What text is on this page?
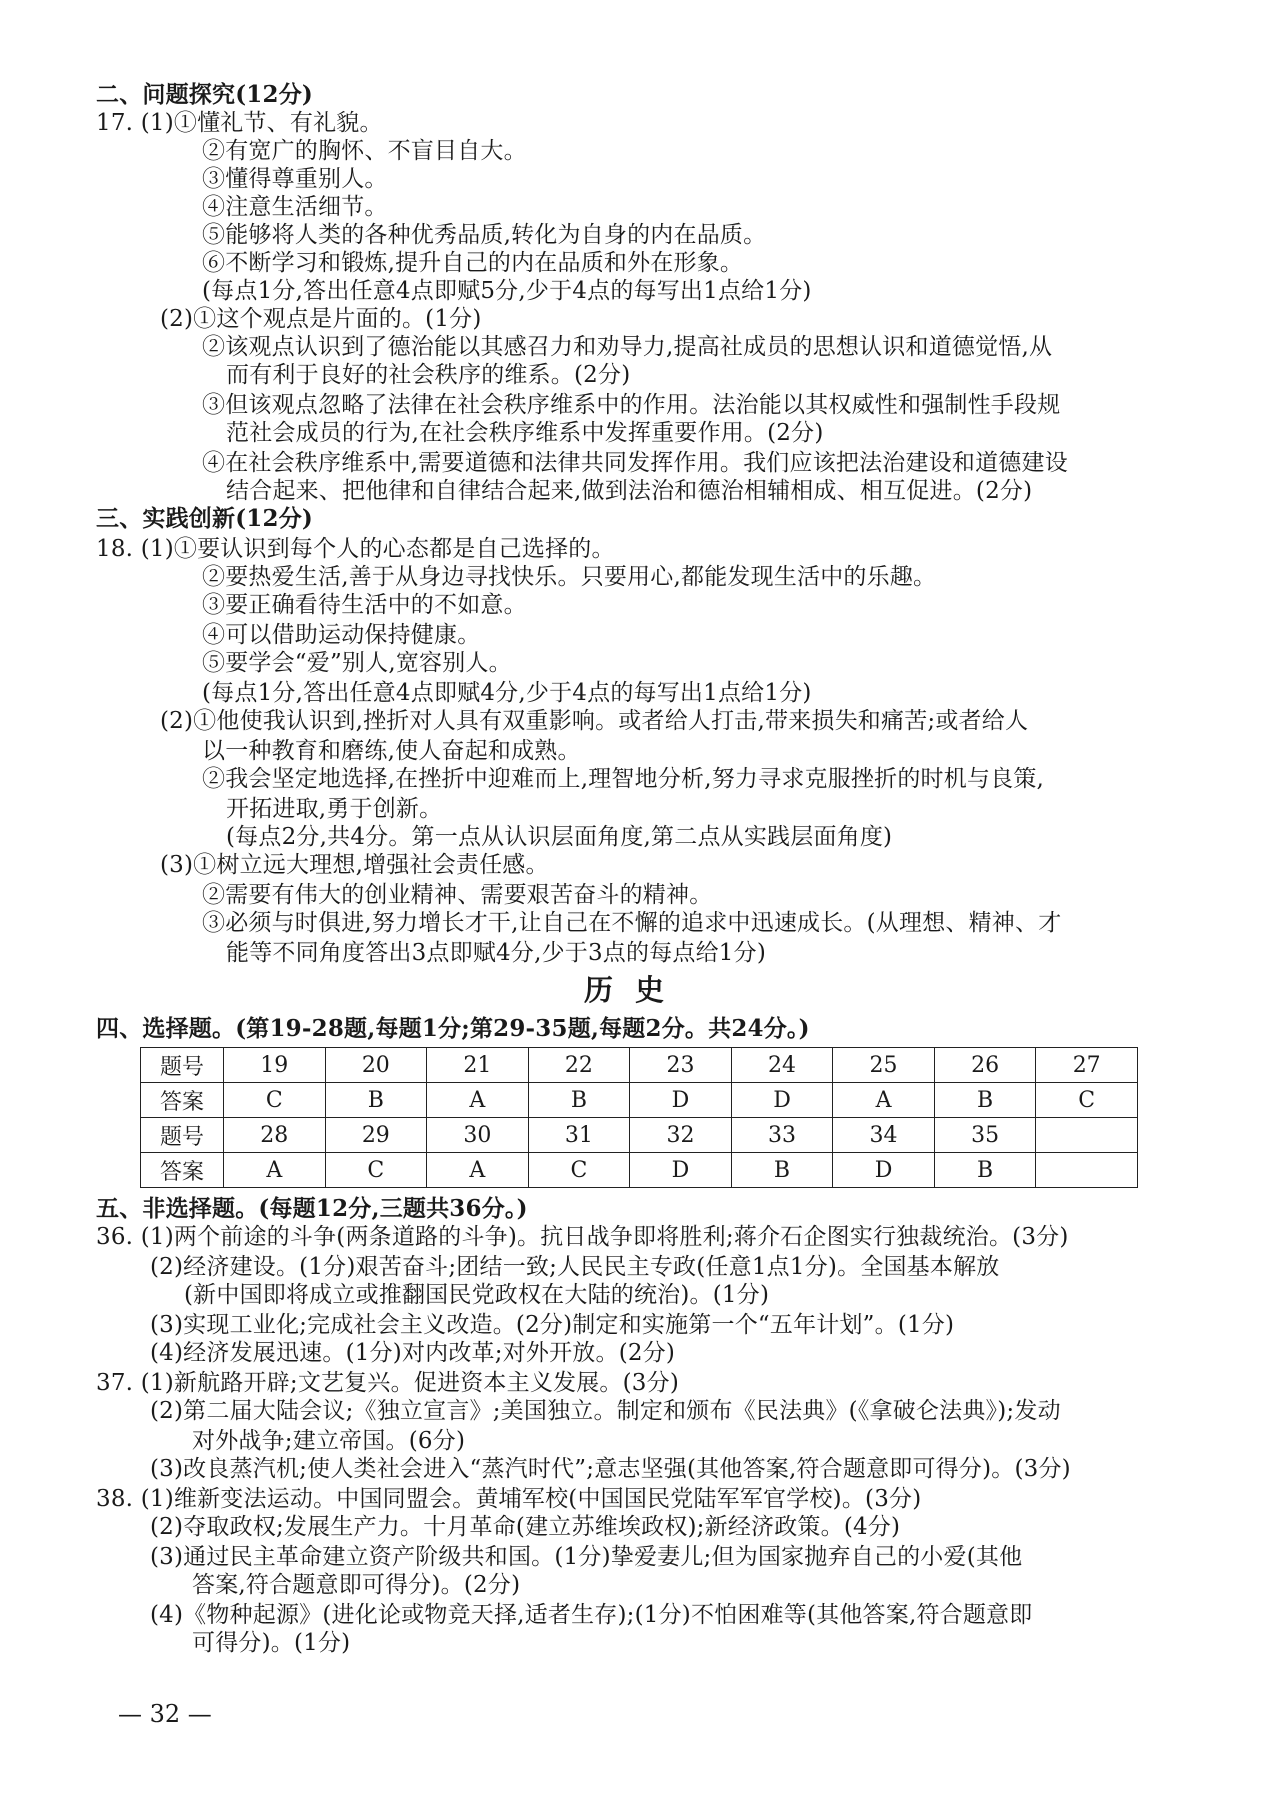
二、问题探究(12分)
17. (1)①懂礼节、有礼貌。
②有宽广的胸怀、不盲目自大。
③懂得尊重别人。
④注意生活细节。
⑤能够将人类的各种优秀品质,转化为自身的内在品质。
⑥不断学习和锻炼,提升自己的内在品质和外在形象。
(每点1分,答出任意4点即赋5分,少于4点的每写出1点给1分)
(2)①这个观点是片面的。(1分)
②该观点认识到了德治能以其感召力和劝导力,提高社成员的思想认识和道德觉悟,从
而有利于良好的社会秩序的维系。(2分)
③但该观点忽略了法律在社会秩序维系中的作用。法治能以其权威性和强制性手段规
范社会成员的行为,在社会秩序维系中发挥重要作用。(2分)
④在社会秩序维系中,需要道德和法律共同发挥作用。我们应该把法治建设和道德建设
结合起来、把他律和自律结合起来,做到法治和德治相辅相成、相互促进。(2分)
三、实践创新(12分)
18. (1)①要认识到每个人的心态都是自己选择的。
②要热爱生活,善于从身边寻找快乐。只要用心,都能发现生活中的乐趣。
③要正确看待生活中的不如意。
④可以借助运动保持健康。
⑤要学会“爱”别人,宽容别人。
(每点1分,答出任意4点即赋4分,少于4点的每写出1点给1分)
(2)①他使我认识到,挫折对人具有双重影响。或者给人打击,带来损失和痛苦;或者给人
以一种教育和磨练,使人奋起和成熟。
②我会坚定地选择,在挫折中迎难而上,理智地分析,努力寻求克服挫折的时机与良策,
开拓进取,勇于创新。
(每点2分,共4分。第一点从认识层面角度,第二点从实践层面角度)
(3)①树立远大理想,增强社会责任感。
②需要有伟大的创业精神、需要艰苦奋斗的精神。
③必须与时俱进,努力增长才干,让自己在不懈的追求中迅速成长。(从理想、精神、才
能等不同角度答出3点即赋4分,少于3点的每点给1分)
历史
四、选择题。(第19-28题,每题1分;第29-35题,每题2分。共24分。)
题号	19	20	21	22	23	24	25	26	27
答案	C	B	A	B	D	D	A	B	C
题号	28	29	30	31	32	33	34	35	
答案	A	C	A	C	D	B	D	B	
五、非选择题。(每题12分,三题共36分。)
36. (1)两个前途的斗争(两条道路的斗争)。抗日战争即将胜利;蒋介石企图实行独裁统治。(3分)
(2)经济建设。(1分)艰苦奋斗;团结一致;人民民主专政(任意1点1分)。全国基本解放
(新中国即将成立或推翻国民党政权在大陆的统治)。(1分)
(3)实现工业化;完成社会主义改造。(2分)制定和实施第一个“五年计划”。(1分)
(4)经济发展迅速。(1分)对内改革;对外开放。(2分)
37. (1)新航路开辟;文艺复兴。促进资本主义发展。(3分)
(2)第二届大陆会议;《独立宣言》;美国独立。制定和颁布《民法典》(《拿破仑法典》);发动
对外战争;建立帝国。(6分)
(3)改良蒸汽机;使人类社会进入“蒸汽时代”;意志坚强(其他答案,符合题意即可得分)。(3分)
38. (1)维新变法运动。中国同盟会。黄埔军校(中国国民党陆军军官学校)。(3分)
(2)夺取政权;发展生产力。十月革命(建立苏维埃政权);新经济政策。(4分)
(3)通过民主革命建立资产阶级共和国。(1分)挚爱妻儿;但为国家抛弃自己的小爱(其他
答案,符合题意即可得分)。(2分)
(4)《物种起源》(进化论或物竞天择,适者生存);(1分)不怕困难等(其他答案,符合题意即
可得分)。(1分)
— 32 —
